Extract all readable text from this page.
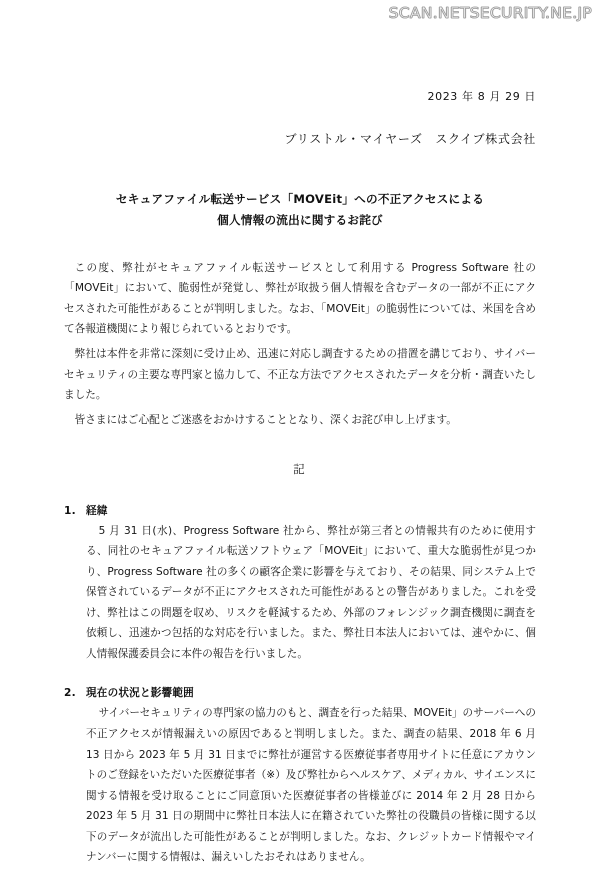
SCAN.NETSECURITY.NE.JP
2023 年 8 月 29 日
ブリストル・マイヤーズ　スクイブ株式会社
セキュアファイル転送サービス「MOVEit」への不正アクセスによる
個人情報の流出に関するお詫び

この度、弊社がセキュアファイル転送サービスとして利用する Progress Software 社の「MOVEit」において、脆弱性が発覚し、弊社が取扱う個人情報を含むデータの一部が不正にアクセスされた可能性があることが判明しました。なお、「MOVEit」の脆弱性については、米国を含めて各報道機関により報じられているとおりです。

弊社は本件を非常に深刻に受け止め、迅速に対応し調査するための措置を講じており、サイバーセキュリティの主要な専門家と協力して、不正な方法でアクセスされたデータを分析・調査いたしました。

皆さまにはご心配とご迷惑をおかけすることとなり、深くお詫び申し上げます。

記
1. 経緯
5 月 31 日(水)、Progress Software 社から、弊社が第三者との情報共有のために使用する、同社のセキュアファイル転送ソフトウェア「MOVEit」において、重大な脆弱性が見つかり、Progress Software 社の多くの顧客企業に影響を与えており、その結果、同システム上で保管されているデータが不正にアクセスされた可能性があるとの警告がありました。これを受け、弊社はこの問題を収め、リスクを軽減するため、外部のフォレンジック調査機関に調査を依頼し、迅速かつ包括的な対応を行いました。また、弊社日本法人においては、速やかに、個人情報保護委員会に本件の報告を行いました。
2. 現在の状況と影響範囲
サイバーセキュリティの専門家の協力のもと、調査を行った結果、MOVEit」のサーバーへの不正アクセスが情報漏えいの原因であると判明しました。また、調査の結果、2018 年 6 月 13 日から 2023 年 5 月 31 日までに弊社が運営する医療従事者専用サイトに任意にアカウントのご登録をいただいた医療従事者（※）及び弊社からヘルスケア、メディカル、サイエンスに関する情報を受け取ることにご同意頂いた医療従事者の皆様並びに 2014 年 2 月 28 日から 2023 年 5 月 31 日の期間中に弊社日本法人に在籍されていた弊社の役職員の皆様に関する以下のデータが流出した可能性があることが判明しました。なお、クレジットカード情報やマイナンバーに関する情報は、漏えいしたおそれはありません。
